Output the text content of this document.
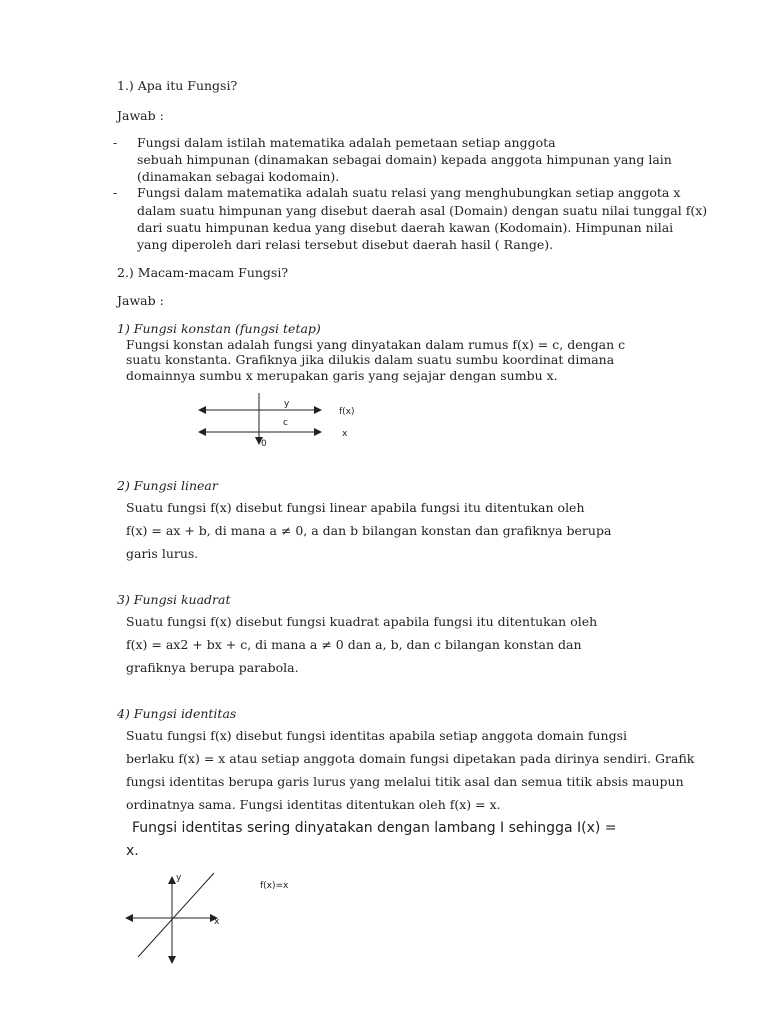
1.) Apa itu Fungsi?
Jawab :
- Fungsi dalam istilah matematika adalah pemetaan setiap anggota
sebuah himpunan (dinamakan sebagai domain) kepada anggota himpunan yang lain
(dinamakan sebagai kodomain).
- Fungsi dalam matematika adalah suatu relasi yang menghubungkan setiap anggota x
dalam suatu himpunan yang disebut daerah asal (Domain) dengan suatu nilai tunggal f(x)
dari suatu himpunan kedua yang disebut daerah kawan (Kodomain). Himpunan nilai
yang diperoleh dari relasi tersebut disebut daerah hasil ( Range).
2.) Macam-macam Fungsi?
Jawab :
1) Fungsi konstan (fungsi tetap)
Fungsi konstan adalah fungsi yang dinyatakan dalam rumus f(x) = c, dengan c
suatu konstanta. Grafiknya jika dilukis dalam suatu sumbu koordinat dimana
domainnya sumbu x merupakan garis yang sejajar dengan sumbu x.
y
c
0
f(x)
x
2) Fungsi linear
Suatu fungsi f(x) disebut fungsi linear apabila fungsi itu ditentukan oleh
f(x) = ax + b, di mana a ≠ 0, a dan b bilangan konstan dan grafiknya berupa
garis lurus.
3) Fungsi kuadrat
Suatu fungsi f(x) disebut fungsi kuadrat apabila fungsi itu ditentukan oleh
f(x) = ax2 + bx + c, di mana a ≠ 0 dan a, b, dan c bilangan konstan dan
grafiknya berupa parabola.
4) Fungsi identitas
Suatu fungsi f(x) disebut fungsi identitas apabila setiap anggota domain fungsi
berlaku f(x) = x atau setiap anggota domain fungsi dipetakan pada dirinya sendiri. Grafik
fungsi identitas berupa garis lurus yang melalui titik asal dan semua titik absis maupun
ordinatnya sama. Fungsi identitas ditentukan oleh f(x) = x.
Fungsi identitas sering dinyatakan dengan lambang I sehingga I(x) =
x.
y
x
f(x)=x
